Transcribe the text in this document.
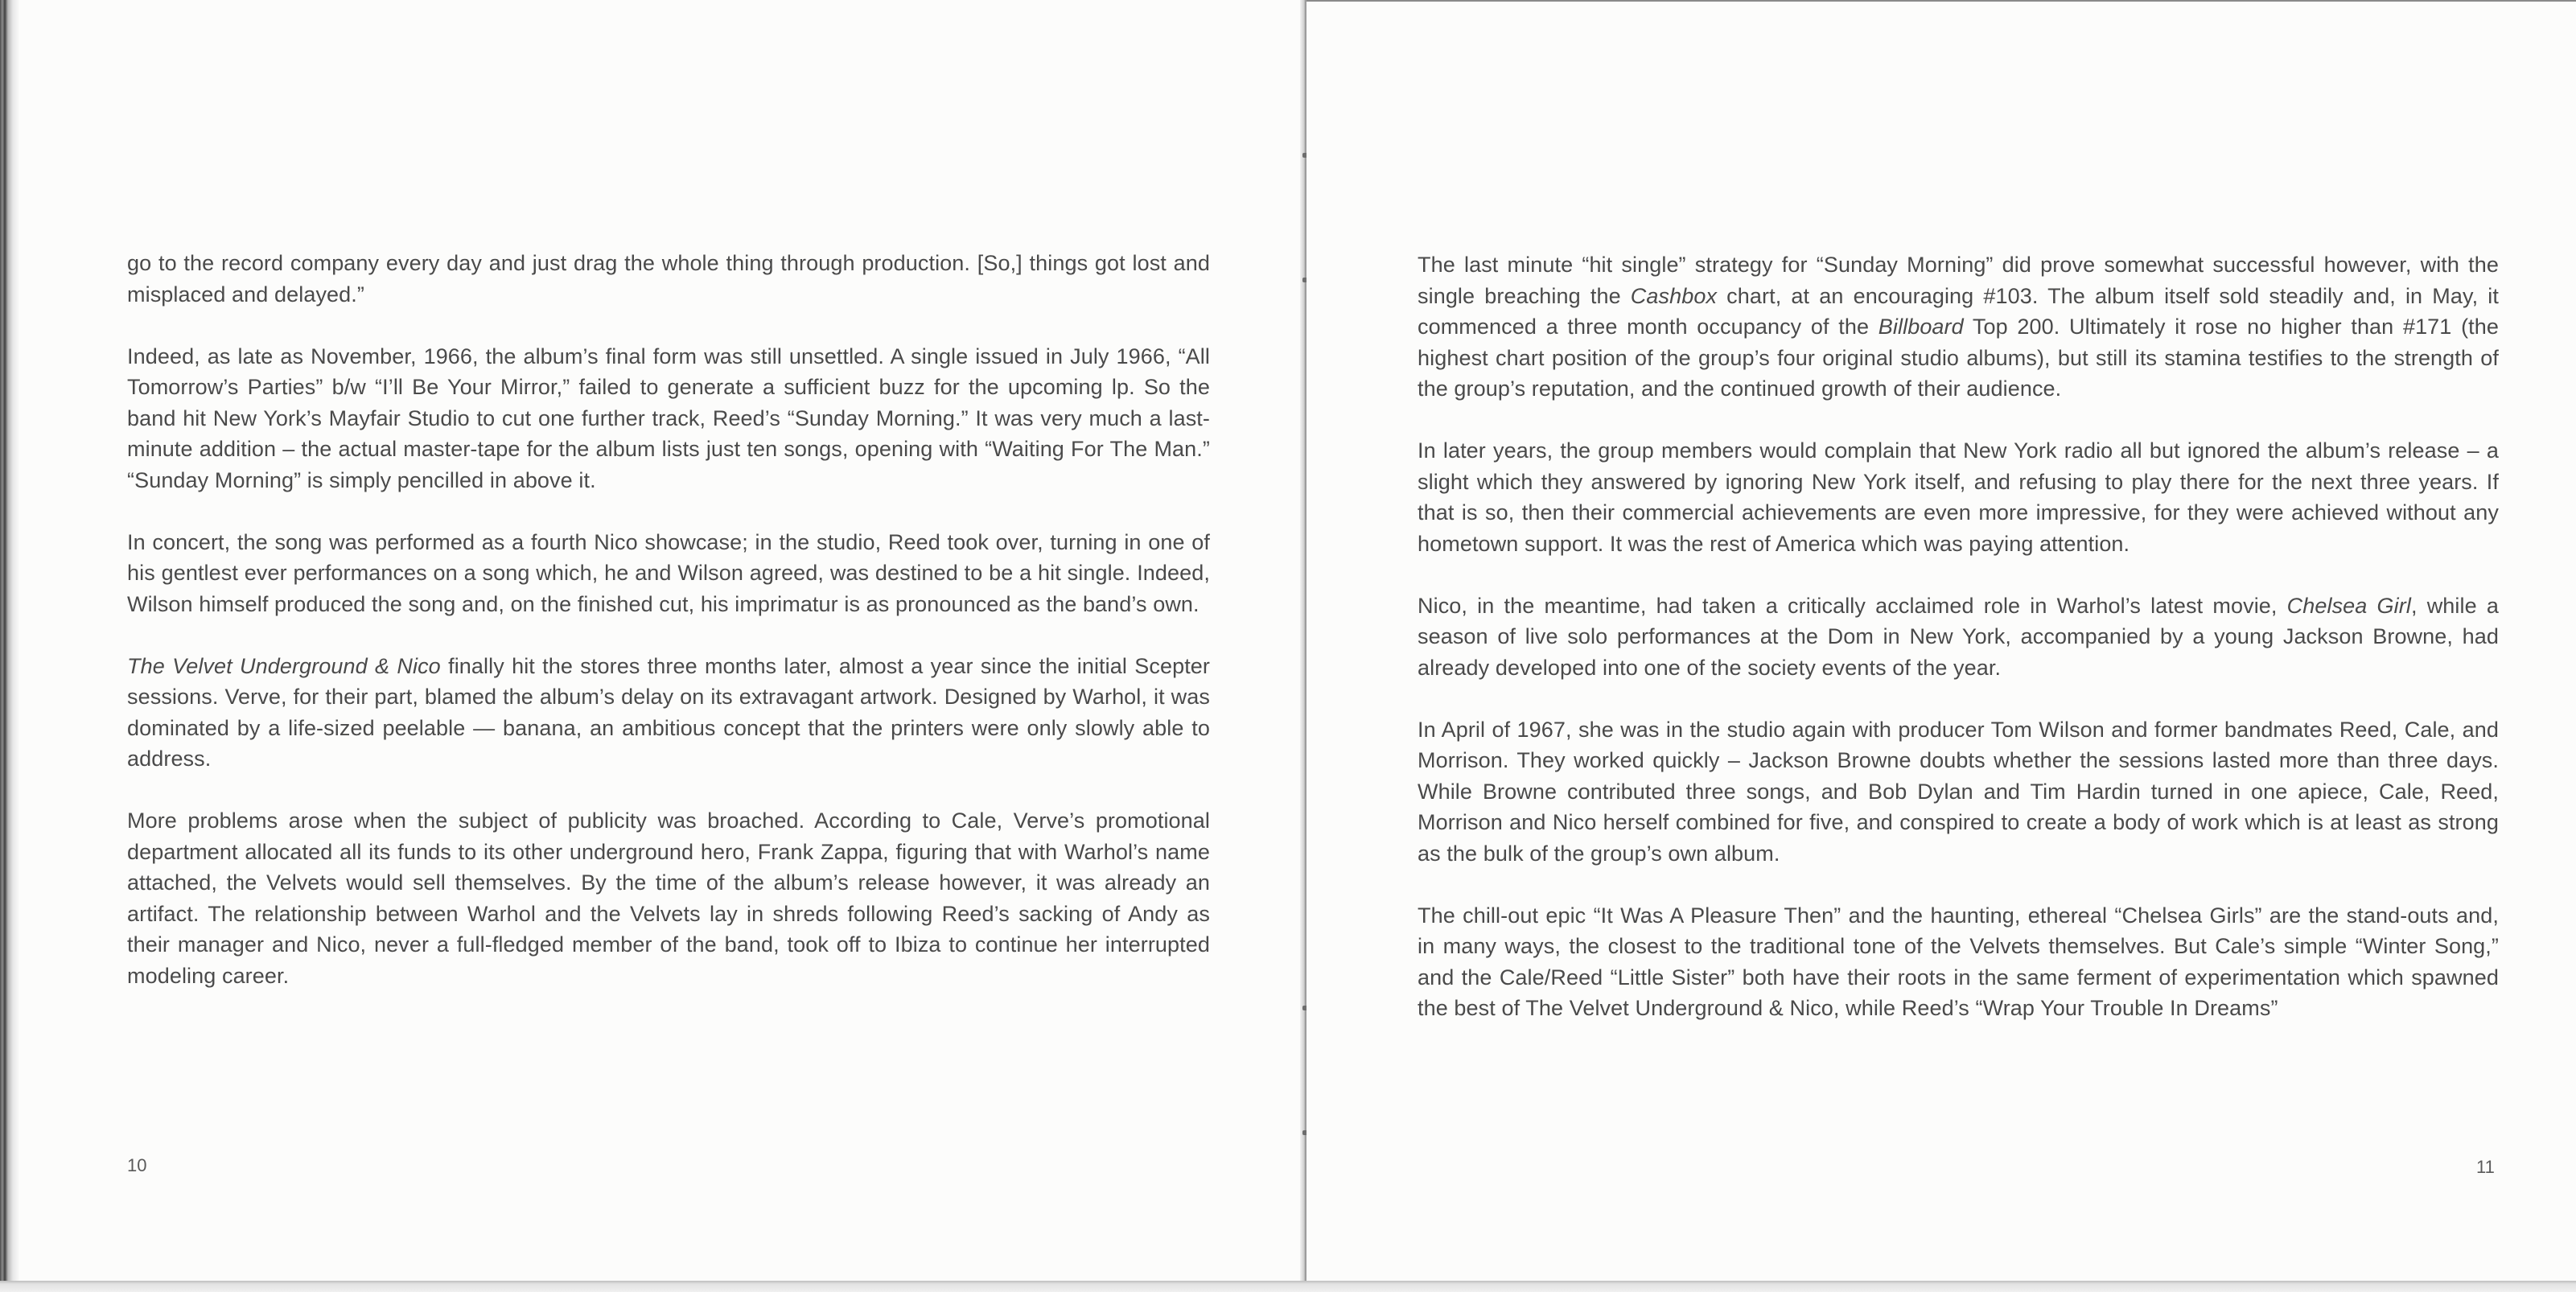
go to the record company every day and just drag the whole thing through production. [So,] things got lost and misplaced and delayed.”

Indeed, as late as November, 1966, the album’s final form was still unsettled. A single issued in July 1966, “All Tomorrow’s Parties” b/w “I’ll Be Your Mirror,” failed to generate a sufficient buzz for the upcoming lp. So the band hit New York’s Mayfair Studio to cut one further track, Reed’s “Sunday Morning.” It was very much a last-minute addition – the actual master-tape for the album lists just ten songs, opening with “Waiting For The Man.” “Sunday Morning” is simply pencilled in above it.

In concert, the song was performed as a fourth Nico showcase; in the studio, Reed took over, turning in one of his gentlest ever performances on a song which, he and Wilson agreed, was destined to be a hit single. Indeed, Wilson himself produced the song and, on the finished cut, his imprimatur is as pronounced as the band’s own.

The Velvet Underground & Nico finally hit the stores three months later, almost a year since the initial Scepter sessions. Verve, for their part, blamed the album’s delay on its extravagant artwork. Designed by Warhol, it was dominated by a life-sized peelable — banana, an ambitious concept that the printers were only slowly able to address.

More problems arose when the subject of publicity was broached. According to Cale, Verve’s promotional department allocated all its funds to its other underground hero, Frank Zappa, figuring that with Warhol’s name attached, the Velvets would sell themselves. By the time of the album’s release however, it was already an artifact. The relationship between Warhol and the Velvets lay in shreds following Reed’s sacking of Andy as their manager and Nico, never a full-fledged member of the band, took off to Ibiza to continue her interrupted modeling career.

10

The last minute “hit single” strategy for “Sunday Morning” did prove somewhat successful however, with the single breaching the Cashbox chart, at an encouraging #103. The album itself sold steadily and, in May, it commenced a three month occupancy of the Billboard Top 200. Ultimately it rose no higher than #171 (the highest chart position of the group’s four original studio albums), but still its stamina testifies to the strength of the group’s reputation, and the continued growth of their audience.

In later years, the group members would complain that New York radio all but ignored the album’s release – a slight which they answered by ignoring New York itself, and refusing to play there for the next three years. If that is so, then their commercial achievements are even more impressive, for they were achieved without any hometown support. It was the rest of America which was paying attention.

Nico, in the meantime, had taken a critically acclaimed role in Warhol’s latest movie, Chelsea Girl, while a season of live solo performances at the Dom in New York, accompanied by a young Jackson Browne, had already developed into one of the society events of the year.

In April of 1967, she was in the studio again with producer Tom Wilson and former bandmates Reed, Cale, and Morrison. They worked quickly – Jackson Browne doubts whether the sessions lasted more than three days. While Browne contributed three songs, and Bob Dylan and Tim Hardin turned in one apiece, Cale, Reed, Morrison and Nico herself combined for five, and conspired to create a body of work which is at least as strong as the bulk of the group’s own album.

The chill-out epic “It Was A Pleasure Then” and the haunting, ethereal “Chelsea Girls” are the stand-outs and, in many ways, the closest to the traditional tone of the Velvets themselves. But Cale’s simple “Winter Song,” and the Cale/Reed “Little Sister” both have their roots in the same ferment of experimentation which spawned the best of The Velvet Underground & Nico, while Reed’s “Wrap Your Trouble In Dreams”

11
